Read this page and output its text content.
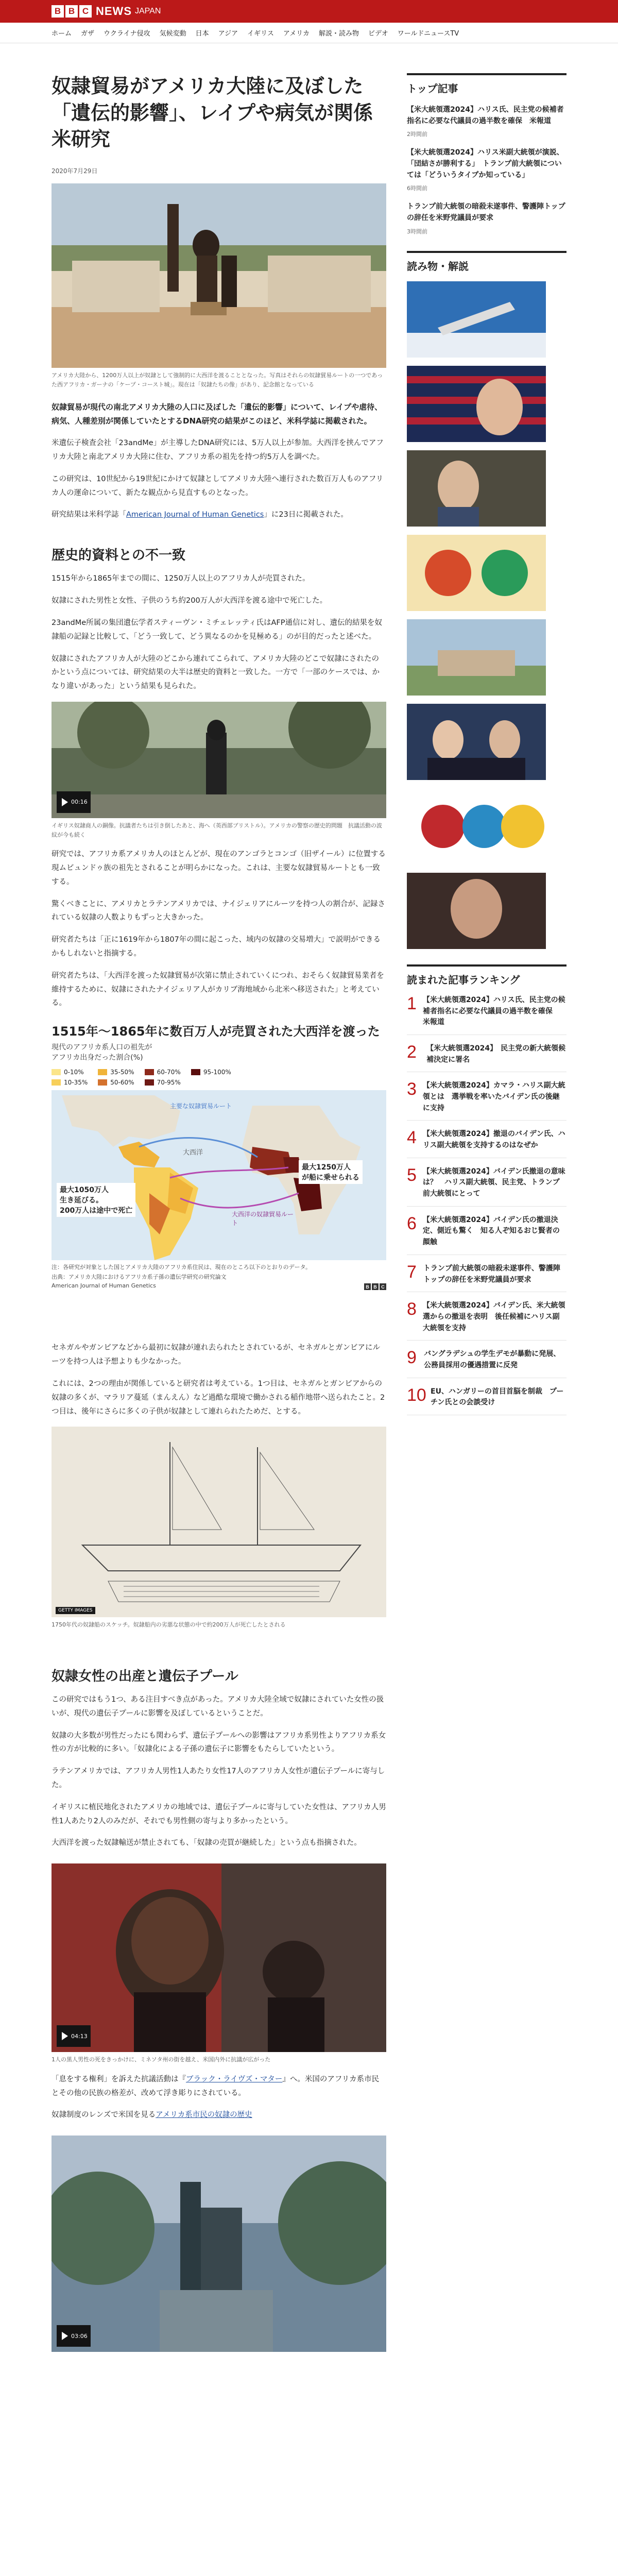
B B C NEWS JAPAN
ホーム ガザ ウクライナ侵攻 気候変動 日本 アジア イギリス アメリカ 解説・読み物 ビデオ ワールドニュースTV
奴隷貿易がアメリカ大陸に及ぼした「遺伝的影響」、レイプや病気が関係　米研究
2020年7月29日
アメリカ大陸から、1200万人以上が奴隷として強制的に大西洋を渡ることとなった。写真はそれらの奴隷貿易ルートの一つであった西アフリカ・ガーナの「ケープ・コースト城」。現在は「奴隷たちの像」があり、記念館となっている
奴隷貿易が現代の南北アメリカ大陸の人口に及ぼした「遺伝的影響」について、レイプや虐待、病気、人種差別が関係していたとするDNA研究の結果がこのほど、米科学誌に掲載された。

米遺伝子検査会社「23andMe」が主導したDNA研究には、5万人以上が参加。大西洋を挟んでアフリカ大陸と南北アメリカ大陸に住む、アフリカ系の祖先を持つ約5万人を調べた。

この研究は、10世紀から19世紀にかけて奴隷としてアメリカ大陸へ連行された数百万人ものアフリカ人の運命について、新たな観点から見直すものとなった。

研究結果は米科学誌「American Journal of Human Genetics」に23日に掲載された。

歴史的資料との不一致

1515年から1865年までの間に、1250万人以上のアフリカ人が売買された。

奴隷にされた男性と女性、子供のうち約200万人が大西洋を渡る途中で死亡した。

23andMe所属の集団遺伝学者スティーヴン・ミチェレッティ氏はAFP通信に対し、遺伝的結果を奴隷船の記録と比較して、「どう一致して、どう異なるのかを見極める」のが目的だったと述べた。

奴隷にされたアフリカ人が大陸のどこから連れてこられて、アメリカ大陸のどこで奴隷にされたのかという点については、研究結果の大半は歴史的資料と一致した。一方で「一部のケースでは、かなり違いがあった」という結果も見られた。

00:16
イギリス奴隷商人の銅像。抗議者たちは引き倒したあと、海へ（英西部ブリストル）。アメリカの警察の歴史的問題　抗議活動の波紋が今も続く

研究では、アフリカ系アメリカ人のほとんどが、現在のアンゴラとコンゴ（旧ザイール）に位置する現ムビュンドゥ族の祖先とされることが明らかになった。これは、主要な奴隷貿易ルートとも一致する。

驚くべきことに、アメリカとラテンアメリカでは、ナイジェリアにルーツを持つ人の割合が、記録されている奴隷の人数よりもずっと大きかった。

研究者たちは「正に1619年から1807年の間に起こった、域内の奴隷の交易増大」で説明ができるかもしれないと指摘する。

研究者たちは、「大西洋を渡った奴隷貿易が次第に禁止されていくにつれ、おそらく奴隷貿易業者を維持するために、奴隷にされたナイジェリア人がカリブ海地域から北米へ移送された」と考えている。

1515年〜1865年に数百万人が売買された大西洋を渡った
現代のアフリカ系人口の祖先が
アフリカ出身だった割合(%)
0-10%	35-50%	60-70%	95-100%
10-35%	50-60%	70-95%
主要な奴隷貿易ルート
大西洋
大西洋の奴隷貿易ルート
最大1250万人
が船に乗せられる
最大1050万人
生き延びる。
200万人は途中で死亡
注：各研究が対象とした国とアメリカ大陸のアフリカ系住民は、現在のところ以下のとおりのデータ。
出典：アメリカ大陸におけるアフリカ系子孫の遺伝学研究の研究論文
American Journal of Human Genetics	B B C

セネガルやガンビアなどから最初に奴隷が連れ去られたとされているが、セネガルとガンビアにルーツを持つ人は予想よりも少なかった。

これには、2つの理由が関係していると研究者は考えている。1つ目は、セネガルとガンビアからの奴隷の多くが、マラリア蔓延（まんえん）など過酷な環境で働かされる稲作地帯へ送られたこと。2つ目は、後年にさらに多くの子供が奴隷として連れられたためだ、とする。

GETTY IMAGES
1750年代の奴隷船のスケッチ。奴隷船内の劣悪な状態の中で約200万人が死亡したとされる
奴隷女性の出産と遺伝子プール

この研究ではもう1つ、ある注目すべき点があった。アメリカ大陸全域で奴隷にされていた女性の扱いが、現代の遺伝子プールに影響を及ぼしているということだ。

奴隷の大多数が男性だったにも関わらず、遺伝子プールへの影響はアフリカ系男性よりアフリカ系女性の方が比較的に多い。「奴隷化による子孫の遺伝子に影響をもたらしていたという。

ラテンアメリカでは、アフリカ人男性1人あたり女性17人のアフリカ人女性が遺伝子プールに寄与した。

イギリスに植民地化されたアメリカの地域では、遺伝子プールに寄与していた女性は、アフリカ人男性1人あたり2人のみだが、それでも男性側の寄与より多かったという。

大西洋を渡った奴隷輸送が禁止されても、「奴隷の売買が継続した」という点も指摘された。

04:13
1人の黒人男性の死をきっかけに、ミネソタ州の街を越え、米国内外に抗議が広がった

「息をする権利」を訴えた抗議活動は『ブラック・ライヴズ・マター』へ。米国のアフリカ系市民とその他の民族の格差が、改めて浮き彫りにされている。

奴隷制度のレンズで米国を見るアメリカ系市民の奴隷の歴史

03:06
トップ記事
【米大統領選2024】ハリス氏、民主党の候補者指名に必要な代議員の過半数を確保　米報道
2時間前
【米大統領選2024】ハリス米副大統領が演説、「団結さが勝利する」　トランプ前大統領については「どういうタイプか知っている」
6時間前
トランプ前大統領の暗殺未遂事件、警護陣トップの辞任を米野党議員が要求
3時間前
読み物・解説
読まれた記事ランキング
1 【米大統領選2024】ハリス氏、民主党の候補者指名に必要な代議員の過半数を確保　米報道
2	【米大統領選2024】　民主党の新大統領候補決定に署名
3 【米大統領選2024】カマラ・ハリス副大統領とは　選挙戦を率いたバイデン氏の後継に支持
4 【米大統領選2024】撤退のバイデン氏、ハリス副大統領を支持するのはなぜか
5 【米大統領選2024】バイデン氏撤退の意味は？　ハリス副大統領、民主党、トランプ前大統領にとって
6 【米大統領選2024】バイデン氏の撤退決定、側近も驚く　知る人ぞ知るおじ賢者の顔触
7 トランプ前大統領の暗殺未遂事件、警護陣トップの辞任を米野党議員が要求
8 【米大統領選2024】バイデン氏、米大統領選からの撤退を表明　後任候補にハリス副大統領を支持
9 バングラデシュの学生デモが暴動に発展、公務員採用の優遇措置に反発
10 EU、ハンガリーの首目首脳を制裁　プーチン氏との会談受け
